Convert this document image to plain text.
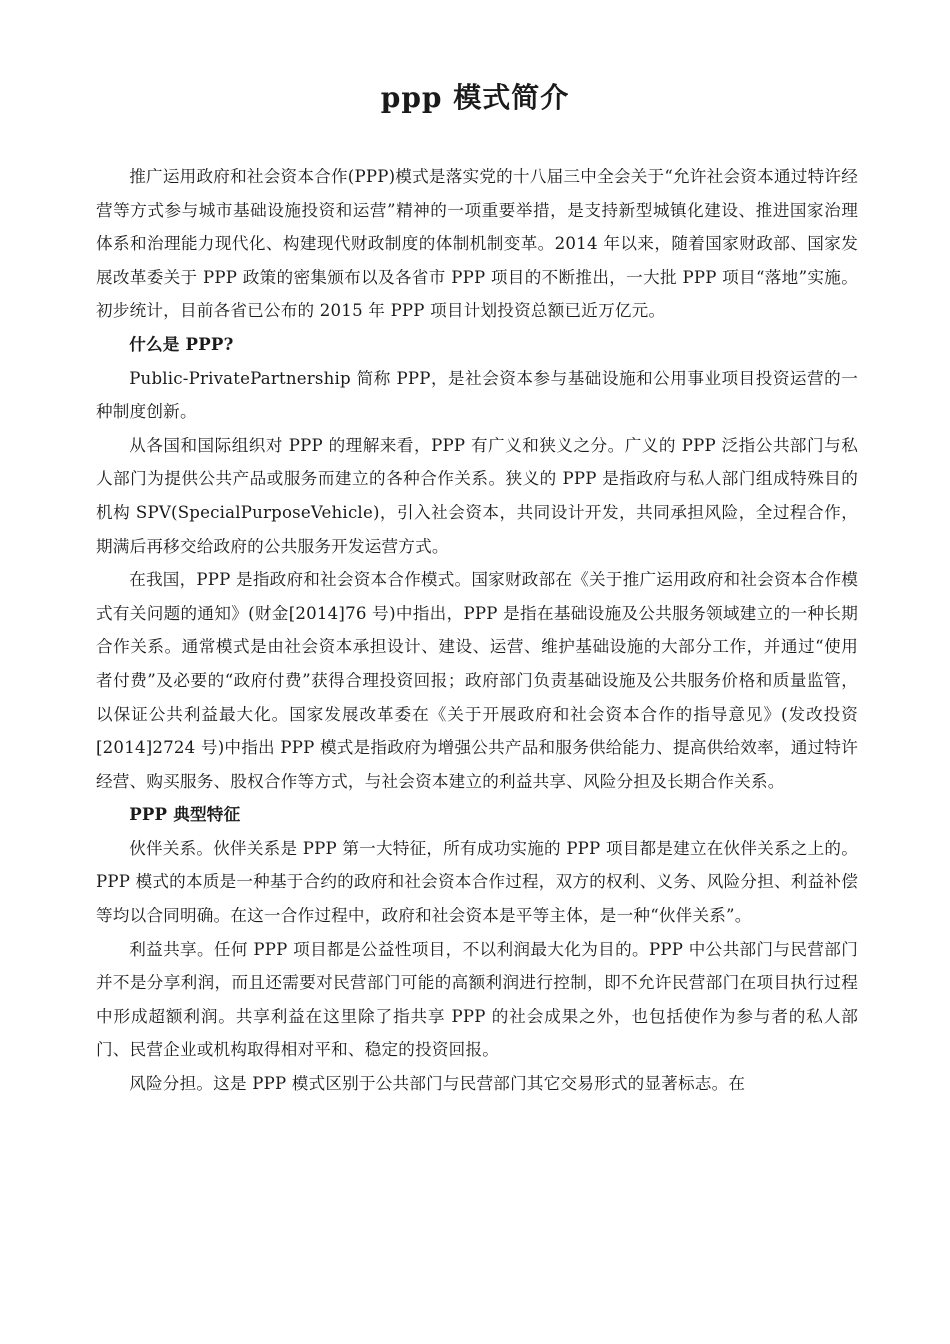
ppp 模式简介

推广运用政府和社会资本合作(PPP)模式是落实党的十八届三中全会关于“允许社会资本通过特许经营等方式参与城市基础设施投资和运营”精神的一项重要举措，是支持新型城镇化建设、推进国家治理体系和治理能力现代化、构建现代财政制度的体制机制变革。2014 年以来，随着国家财政部、国家发展改革委关于 PPP 政策的密集颁布以及各省市 PPP 项目的不断推出，一大批 PPP 项目“落地”实施。初步统计，目前各省已公布的 2015 年 PPP 项目计划投资总额已近万亿元。

什么是 PPP?

Public-PrivatePartnership 简称 PPP，是社会资本参与基础设施和公用事业项目投资运营的一种制度创新。

从各国和国际组织对 PPP 的理解来看，PPP 有广义和狭义之分。广义的 PPP 泛指公共部门与私人部门为提供公共产品或服务而建立的各种合作关系。狭义的 PPP 是指政府与私人部门组成特殊目的机构 SPV(SpecialPurposeVehicle)，引入社会资本，共同设计开发，共同承担风险，全过程合作，期满后再移交给政府的公共服务开发运营方式。

在我国，PPP 是指政府和社会资本合作模式。国家财政部在《关于推广运用政府和社会资本合作模式有关问题的通知》(财金[2014]76 号)中指出，PPP 是指在基础设施及公共服务领域建立的一种长期合作关系。通常模式是由社会资本承担设计、建设、运营、维护基础设施的大部分工作，并通过“使用者付费”及必要的“政府付费”获得合理投资回报；政府部门负责基础设施及公共服务价格和质量监管，以保证公共利益最大化。国家发展改革委在《关于开展政府和社会资本合作的指导意见》(发改投资[2014]2724 号)中指出 PPP 模式是指政府为增强公共产品和服务供给能力、提高供给效率，通过特许经营、购买服务、股权合作等方式，与社会资本建立的利益共享、风险分担及长期合作关系。

PPP 典型特征

伙伴关系。伙伴关系是 PPP 第一大特征，所有成功实施的 PPP 项目都是建立在伙伴关系之上的。PPP 模式的本质是一种基于合约的政府和社会资本合作过程，双方的权利、义务、风险分担、利益补偿等均以合同明确。在这一合作过程中，政府和社会资本是平等主体，是一种“伙伴关系”。

利益共享。任何 PPP 项目都是公益性项目，不以利润最大化为目的。PPP 中公共部门与民营部门并不是分享利润，而且还需要对民营部门可能的高额利润进行控制，即不允许民营部门在项目执行过程中形成超额利润。共享利益在这里除了指共享 PPP 的社会成果之外，也包括使作为参与者的私人部门、民营企业或机构取得相对平和、稳定的投资回报。

风险分担。这是 PPP 模式区别于公共部门与民营部门其它交易形式的显著标志。在
